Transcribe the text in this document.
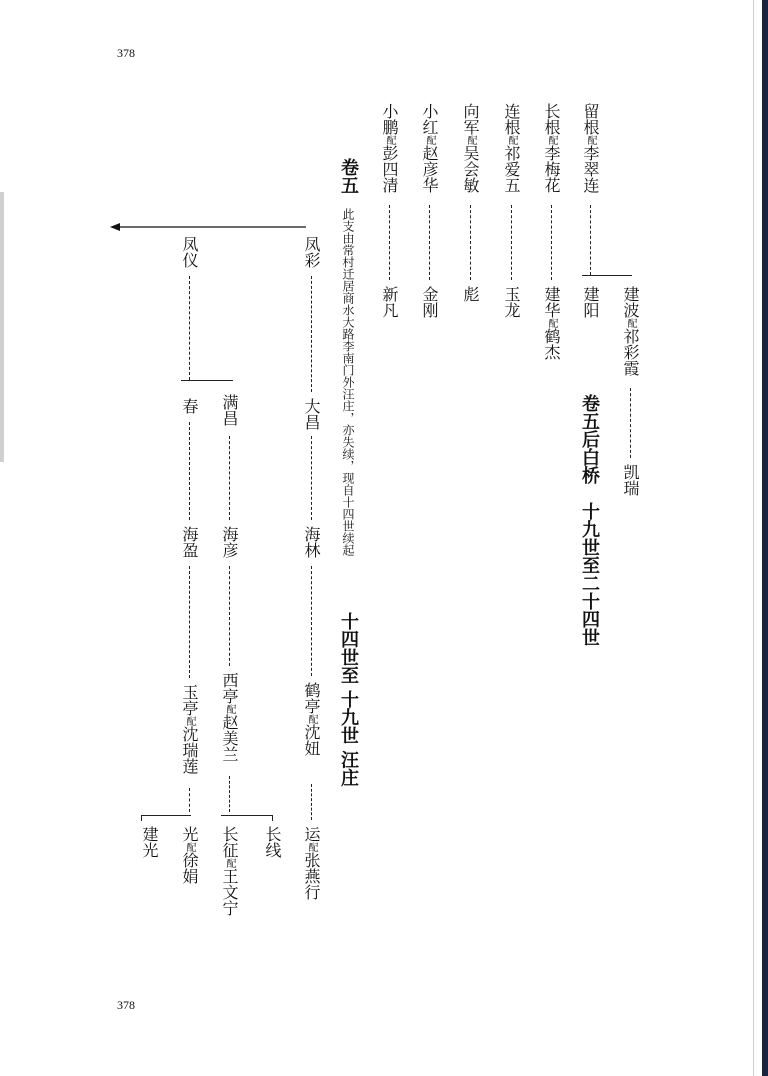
378
378
留根配李翠连
长根配李梅花
连根配祁爱五
向军配吴会敏
小红配赵彦华
小鹏配彭四清
建阳
建华配鹤杰
玉龙
彪
金刚
新凡	建波配祁彩霞
凯瑞
卷五后白桥　十九世至二十四世
卷五
此支由常村迁居商水大路李南门外汪庄，亦失续，现自十四世续起
十四世至 十九世 汪庄
凤彩
凤仪
大昌
满昌
春
海林
海彦
海盈
鹤亭配沈妞
西亭配赵美兰
玉亭配沈瑞莲
运配张燕行
长线
长征配王文宁
光配徐娟
建光
